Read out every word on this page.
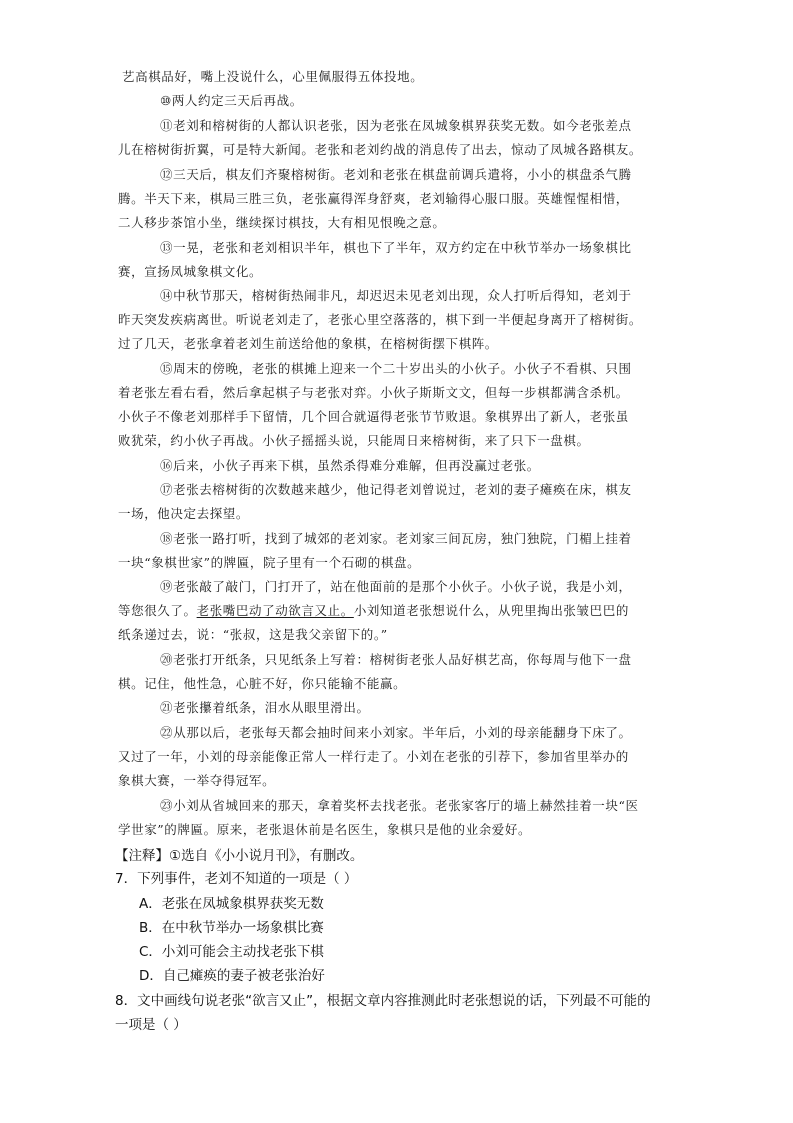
艺高棋品好，嘴上没说什么，心里佩服得五体投地。
⑩两人约定三天后再战。
⑪老刘和榕树街的人都认识老张，因为老张在凤城象棋界获奖无数。如今老张差点
儿在榕树街折翼，可是特大新闻。老张和老刘约战的消息传了出去，惊动了凤城各路棋友。
⑫三天后，棋友们齐聚榕树街。老刘和老张在棋盘前调兵遣将，小小的棋盘杀气腾
腾。半天下来，棋局三胜三负，老张赢得浑身舒爽，老刘输得心服口服。英雄惺惺相惜，
二人移步茶馆小坐，继续探讨棋技，大有相见恨晚之意。
⑬一晃，老张和老刘相识半年，棋也下了半年，双方约定在中秋节举办一场象棋比
赛，宣扬凤城象棋文化。
⑭中秋节那天，榕树街热闹非凡，却迟迟未见老刘出现，众人打听后得知，老刘于
昨天突发疾病离世。听说老刘走了，老张心里空落落的，棋下到一半便起身离开了榕树街。
过了几天，老张拿着老刘生前送给他的象棋，在榕树街摆下棋阵。
⑮周末的傍晚，老张的棋摊上迎来一个二十岁出头的小伙子。小伙子不看棋、只围
着老张左看右看，然后拿起棋子与老张对弈。小伙子斯斯文文，但每一步棋都满含杀机。
小伙子不像老刘那样手下留情，几个回合就逼得老张节节败退。象棋界出了新人，老张虽
败犹荣，约小伙子再战。小伙子摇摇头说，只能周日来榕树街，来了只下一盘棋。
⑯后来，小伙子再来下棋，虽然杀得难分难解，但再没赢过老张。
⑰老张去榕树街的次数越来越少，他记得老刘曾说过，老刘的妻子瘫痪在床，棋友
一场，他决定去探望。
⑱老张一路打听，找到了城郊的老刘家。老刘家三间瓦房，独门独院，门楣上挂着
一块“象棋世家”的牌匾，院子里有一个石砌的棋盘。
⑲老张敲了敲门，门打开了，站在他面前的是那个小伙子。小伙子说，我是小刘，
等您很久了。老张嘴巴动了动欲言又止。小刘知道老张想说什么，从兜里掏出张皱巴巴的
纸条递过去，说：“张叔，这是我父亲留下的。”
⑳老张打开纸条，只见纸条上写着：榕树街老张人品好棋艺高，你每周与他下一盘
棋。记住，他性急，心脏不好，你只能输不能赢。
㉑老张攥着纸条，泪水从眼里滑出。
㉒从那以后，老张每天都会抽时间来小刘家。半年后，小刘的母亲能翻身下床了。
又过了一年，小刘的母亲能像正常人一样行走了。小刘在老张的引荐下，参加省里举办的
象棋大赛，一举夺得冠军。
㉓小刘从省城回来的那天，拿着奖杯去找老张。老张家客厅的墙上赫然挂着一块“医
学世家”的牌匾。原来，老张退休前是名医生，象棋只是他的业余爱好。
【注释】①选自《小小说月刊》，有删改。
7．下列事件，老刘不知道的一项是（ ）
A．老张在凤城象棋界获奖无数
B．在中秋节举办一场象棋比赛
C．小刘可能会主动找老张下棋
D．自己瘫痪的妻子被老张治好
8．文中画线句说老张“欲言又止”，根据文章内容推测此时老张想说的话，下列最不可能的
一项是（ ）
